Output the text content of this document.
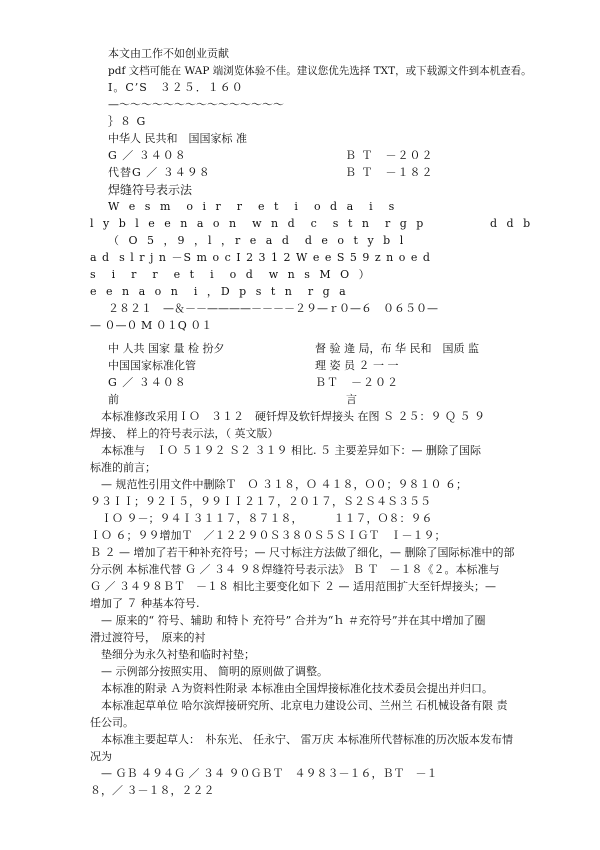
本文由工作不如创业贡献
pdf 文档可能在 WAP 端浏览体验不佳。建议您优先选择 TXT，或下载源文件到本机查看。
I。C’S　３２５．１６０
—～～～～～～～～～～～～～～～
｝８ G
中华人 民共和　国国家标 准
G ／ ３４０８	Ｂ Ｔ　－２０２
代替G ／ ３４９８	Ｂ Ｔ　－１８２
焊缝符号表示法
W e s m  o i r  r  e t  i  o d a  i  s
l y b l e e n a o n  w n d  c  s t n  r g p	d d b
（ O 5 ，9 ，l ，r e a d  d e o t y b l
a d  s l r j n －S m o c I 2 3 1 2 W e e S 5 9 z n o e d
s  i  r  r  e t  i  o d  w n s M O ）
e e n a o n  i ，D p s t n  r g a
２８２１　—＆－－————－－－－２９—ｒ０—６　０６５０—
— ０—０ M ０１Q ０１
中 人共 国家 量 检 扮夕	督 验 逄 局，布 华 民和　国质 监
中国国家标准化管	理 姿 员 ２ 一 一
G ／ ３４０８	ＢＴ　－２０２
前	言
　本标准修改采用ＩＯ　３１２　硬钎焊及软钎焊接头 在图 Ｓ ２５：９ Ｑ ５ ９
焊接、 样上的符号表示法，（ 英文版）
　本标准与　ＩＯ ５１９２ Ｓ２ ３１９ 相比. ５ 主要差异如下：— 删除了国际
标准的前言；
　— 规范性引用文件中删除Ｔ　Ｏ ３１８，Ｏ ４１８，Ｏ０；９８１０ ６；
９３ＩＩ；９２Ｉ５，９９ＩＩ２１７，２０１７，Ｓ２Ｓ４Ｓ３５５
　ＩＯ ９－；９４Ｉ３１１７，８７１８，　　　 １１７，Ｏ８：９６
ＩＯ ６；９９增加Ｔ　／１２２９０Ｓ３８０Ｓ５ＳＩＧＴ　Ｉ－１９；
Ｂ ２ — 增加了若干种补充符号；— 尺寸标注方法做了细化，— 删除了国际标准中的部
分示例 本标准代替 Ｇ ／ ３４ ９８焊缝符号表示法》 Ｂ Ｔ　－１８《２。本标准与
Ｇ ／ ３４９８ＢＴ　－１８ 相比主要变化如下 ２ — 适用范围扩大至钎焊接头；—
增加了 ７ 种基本符号.
　— 原来的“ 符号、辅助 和特卜 充符号” 合并为“ｈ ＃充符号”并在其中增加了圈
滑过渡符号，　原来的衬
　垫细分为永久衬垫和临时衬垫；
　— 示例部分按照实用、 简明的原则做了调整。
　本标准的附录 Ａ为资料性附录 本标准由全国焊接标准化技术委员会提出并归口。
　本标准起草单位 哈尔滨焊接研究所、北京电力建设公司、兰州兰 石机械设备有限 责
任公司。
　本标准主要起草人：　朴东光、 任永宁、 雷万庆 本标准所代替标准的历次版本发布情
况为
　— ＧＢ ４９４Ｇ ／ ３４ ９０ＧＢＴ　４９８３－１６，ＢＴ　－１
８，／ ３－１８，２２２
